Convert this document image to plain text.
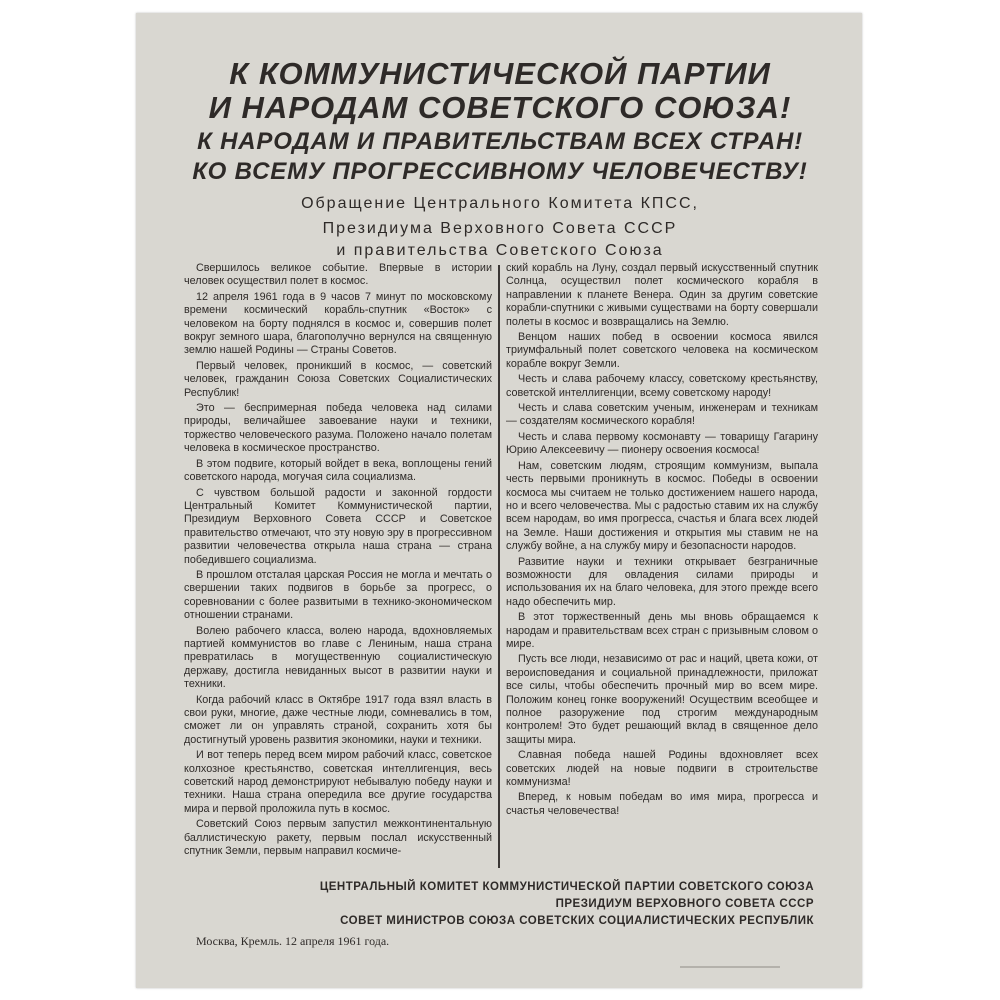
К КОММУНИСТИЧЕСКОЙ ПАРТИИ
И НАРОДАМ СОВЕТСКОГО СОЮЗА!
К НАРОДАМ И ПРАВИТЕЛЬСТВАМ ВСЕХ СТРАН!
КО ВСЕМУ ПРОГРЕССИВНОМУ ЧЕЛОВЕЧЕСТВУ!
Обращение Центрального Комитета КПСС,
Президиума Верховного Совета СССР
и правительства Советского Союза

Свершилось великое событие. Впервые в истории человек осуществил полет в космос.

12 апреля 1961 года в 9 часов 7 минут по московскому времени космический корабль-спутник «Восток» с человеком на борту поднялся в космос и, совершив полет вокруг земного шара, благополучно вернулся на священную землю нашей Родины — Страны Советов.

Первый человек, проникший в космос, — советский человек, гражданин Союза Советских Социалистических Республик!

Это — беспримерная победа человека над силами природы, величайшее завоевание науки и техники, торжество человеческого разума. Положено начало полетам человека в космическое пространство.

В этом подвиге, который войдет в века, воплощены гений советского народа, могучая сила социализма.

С чувством большой радости и законной гордости Центральный Комитет Коммунистической партии, Президиум Верховного Совета СССР и Советское правительство отмечают, что эту новую эру в прогрессивном развитии человечества открыла наша страна — страна победившего социализма.

В прошлом отсталая царская Россия не могла и мечтать о свершении таких подвигов в борьбе за прогресс, о соревновании с более развитыми в технико-экономическом отношении странами.

Волею рабочего класса, волею народа, вдохновляемых партией коммунистов во главе с Лениным, наша страна превратилась в могущественную социалистическую державу, достигла невиданных высот в развитии науки и техники.

Когда рабочий класс в Октябре 1917 года взял власть в свои руки, многие, даже честные люди, сомневались в том, сможет ли он управлять страной, сохранить хотя бы достигнутый уровень развития экономики, науки и техники.

И вот теперь перед всем миром рабочий класс, советское колхозное крестьянство, советская интеллигенция, весь советский народ демонстрируют небывалую победу науки и техники. Наша страна опередила все другие государства мира и первой проложила путь в космос.

Советский Союз первым запустил межконтинентальную баллистическую ракету, первым послал искусственный спутник Земли, первым направил космиче-

ский корабль на Луну, создал первый искусственный спутник Солнца, осуществил полет космического корабля в направлении к планете Венера. Один за другим советские корабли-спутники с живыми существами на борту совершали полеты в космос и возвращались на Землю.

Венцом наших побед в освоении космоса явился триумфальный полет советского человека на космическом корабле вокруг Земли.

Честь и слава рабочему классу, советскому крестьянству, советской интеллигенции, всему советскому народу!

Честь и слава советским ученым, инженерам и техникам — создателям космического корабля!

Честь и слава первому космонавту — товарищу Гагарину Юрию Алексеевичу — пионеру освоения космоса!

Нам, советским людям, строящим коммунизм, выпала честь первыми проникнуть в космос. Победы в освоении космоса мы считаем не только достижением нашего народа, но и всего человечества. Мы с радостью ставим их на службу всем народам, во имя прогресса, счастья и блага всех людей на Земле. Наши достижения и открытия мы ставим не на службу войне, а на службу миру и безопасности народов.

Развитие науки и техники открывает безграничные возможности для овладения силами природы и использования их на благо человека, для этого прежде всего надо обеспечить мир.

В этот торжественный день мы вновь обращаемся к народам и правительствам всех стран с призывным словом о мире.

Пусть все люди, независимо от рас и наций, цвета кожи, от вероисповедания и социальной принадлежности, приложат все силы, чтобы обеспечить прочный мир во всем мире. Положим конец гонке вооружений! Осуществим всеобщее и полное разоружение под строгим международным контролем! Это будет решающий вклад в священное дело защиты мира.

Славная победа нашей Родины вдохновляет всех советских людей на новые подвиги в строительстве коммунизма!

Вперед, к новым победам во имя мира, прогресса и счастья человечества!

ЦЕНТРАЛЬНЫЙ КОМИТЕТ КОММУНИСТИЧЕСКОЙ ПАРТИИ СОВЕТСКОГО СОЮЗА
ПРЕЗИДИУМ ВЕРХОВНОГО СОВЕТА СССР
СОВЕТ МИНИСТРОВ СОЮЗА СОВЕТСКИХ СОЦИАЛИСТИЧЕСКИХ РЕСПУБЛИК
Москва, Кремль. 12 апреля 1961 года.
